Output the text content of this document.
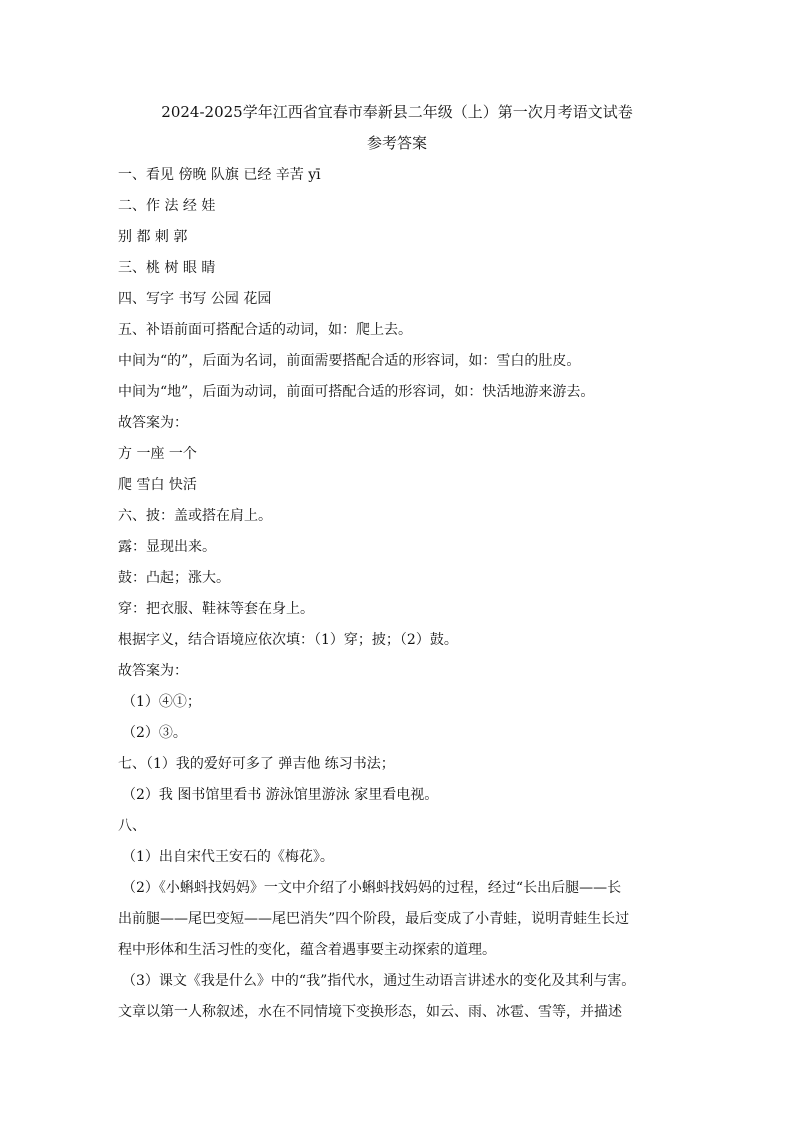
2024-2025学年江西省宜春市奉新县二年级（上）第一次月考语文试卷
参考答案
一、看见 傍晚 队旗 已经 辛苦 yī
二、作 法 经 娃
别 都 刺 郭
三、桃 树 眼 睛
四、写字 书写 公园 花园
五、补语前面可搭配合适的动词，如：爬上去。
中间为“的”，后面为名词，前面需要搭配合适的形容词，如：雪白的肚皮。
中间为“地”，后面为动词，前面可搭配合适的形容词，如：快活地游来游去。
故答案为：
方 一座 一个
爬 雪白 快活
六、披：盖或搭在肩上。
露：显现出来。
鼓：凸起；涨大。
穿：把衣服、鞋袜等套在身上。
根据字义，结合语境应依次填：（1）穿；披；（2）鼓。
故答案为：
（1）④①；
（2）③。
七、（1）我的爱好可多了 弹吉他 练习书法；
（2）我 图书馆里看书 游泳馆里游泳 家里看电视。
八、
（1）出自宋代王安石的《梅花》。
（2）《小蝌蚪找妈妈》一文中介绍了小蝌蚪找妈妈的过程，经过“长出后腿——长
出前腿——尾巴变短——尾巴消失”四个阶段，最后变成了小青蛙，说明青蛙生长过
程中形体和生活习性的变化，蕴含着遇事要主动探索的道理。
（3）课文《我是什么》中的“我”指代水，通过生动语言讲述水的变化及其利与害。
文章以第一人称叙述，水在不同情境下变换形态，如云、雨、冰雹、雪等，并描述
